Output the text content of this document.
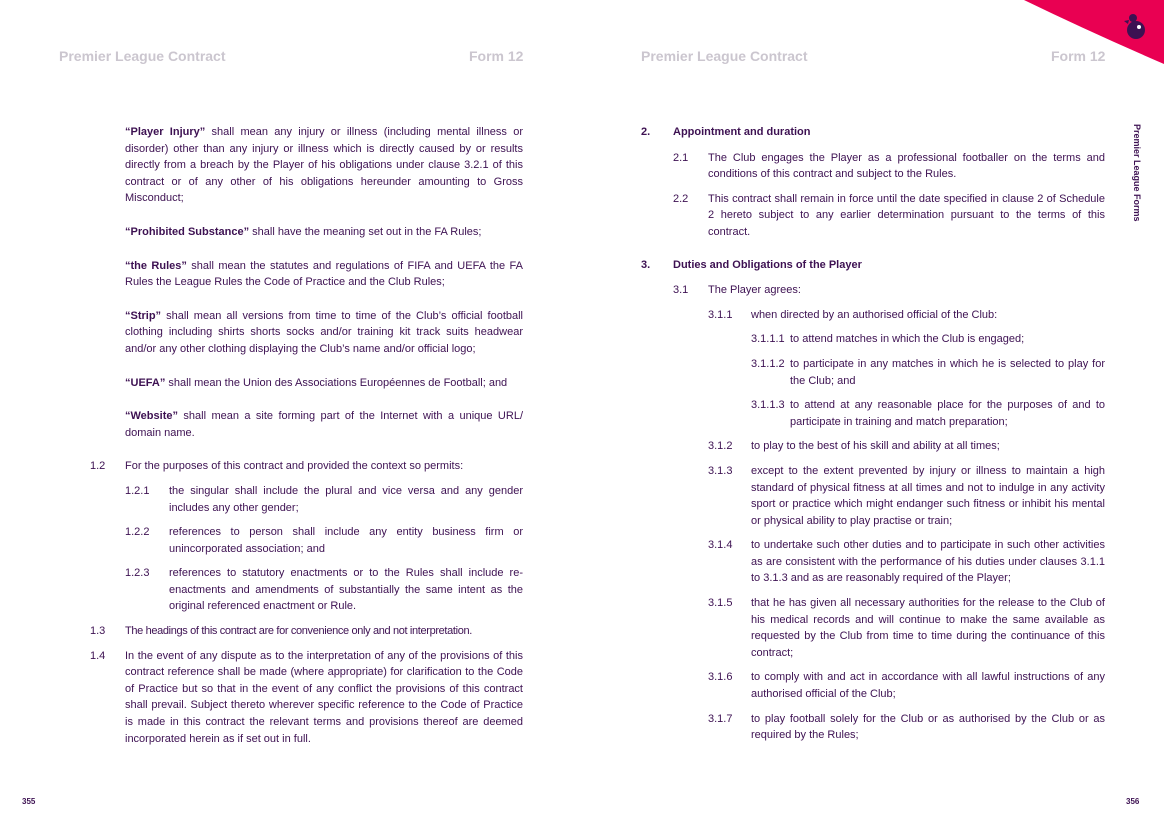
Premier League Contract	Form 12	Premier League Contract	Form 12
Premier League Forms

“Player Injury” shall mean any injury or illness (including mental illness or disorder) other than any injury or illness which is directly caused by or results directly from a breach by the Player of his obligations under clause 3.2.1 of this contract or of any other of his obligations hereunder amounting to Gross Misconduct;

“Prohibited Substance” shall have the meaning set out in the FA Rules;

“the Rules” shall mean the statutes and regulations of FIFA and UEFA the FA Rules the League Rules the Code of Practice and the Club Rules;

“Strip” shall mean all versions from time to time of the Club’s official football clothing including shirts shorts socks and/or training kit track suits headwear and/or any other clothing displaying the Club’s name and/or official logo;

“UEFA” shall mean the Union des Associations Européennes de Football; and

“Website” shall mean a site forming part of the Internet with a unique URL/ domain name.

1.2	For the purposes of this contract and provided the context so permits:
1.2.1	the singular shall include the plural and vice versa and any gender includes any other gender;
1.2.2	references to person shall include any entity business firm or unincorporated association; and
1.2.3	references to statutory enactments or to the Rules shall include re-enactments and amendments of substantially the same intent as the original referenced enactment or Rule.
1.3	The headings of this contract are for convenience only and not interpretation.
1.4	In the event of any dispute as to the interpretation of any of the provisions of this contract reference shall be made (where appropriate) for clarification to the Code of Practice but so that in the event of any conflict the provisions of this contract shall prevail. Subject thereto wherever specific reference to the Code of Practice is made in this contract the relevant terms and provisions thereof are deemed incorporated herein as if set out in full.
2.	Appointment and duration
2.1	The Club engages the Player as a professional footballer on the terms and conditions of this contract and subject to the Rules.
2.2	This contract shall remain in force until the date specified in clause 2 of Schedule 2 hereto subject to any earlier determination pursuant to the terms of this contract.
3.	Duties and Obligations of the Player
3.1	The Player agrees:
3.1.1	when directed by an authorised official of the Club:
3.1.1.1 to attend matches in which the Club is engaged;
3.1.1.2 to participate in any matches in which he is selected to play for the Club; and
3.1.1.3 to attend at any reasonable place for the purposes of and to participate in training and match preparation;
3.1.2	to play to the best of his skill and ability at all times;
3.1.3	except to the extent prevented by injury or illness to maintain a high standard of physical fitness at all times and not to indulge in any activity sport or practice which might endanger such fitness or inhibit his mental or physical ability to play practise or train;
3.1.4	to undertake such other duties and to participate in such other activities as are consistent with the performance of his duties under clauses 3.1.1 to 3.1.3 and as are reasonably required of the Player;
3.1.5	that he has given all necessary authorities for the release to the Club of his medical records and will continue to make the same available as requested by the Club from time to time during the continuance of this contract;
3.1.6	to comply with and act in accordance with all lawful instructions of any authorised official of the Club;
3.1.7	to play football solely for the Club or as authorised by the Club or as required by the Rules;
355	356
